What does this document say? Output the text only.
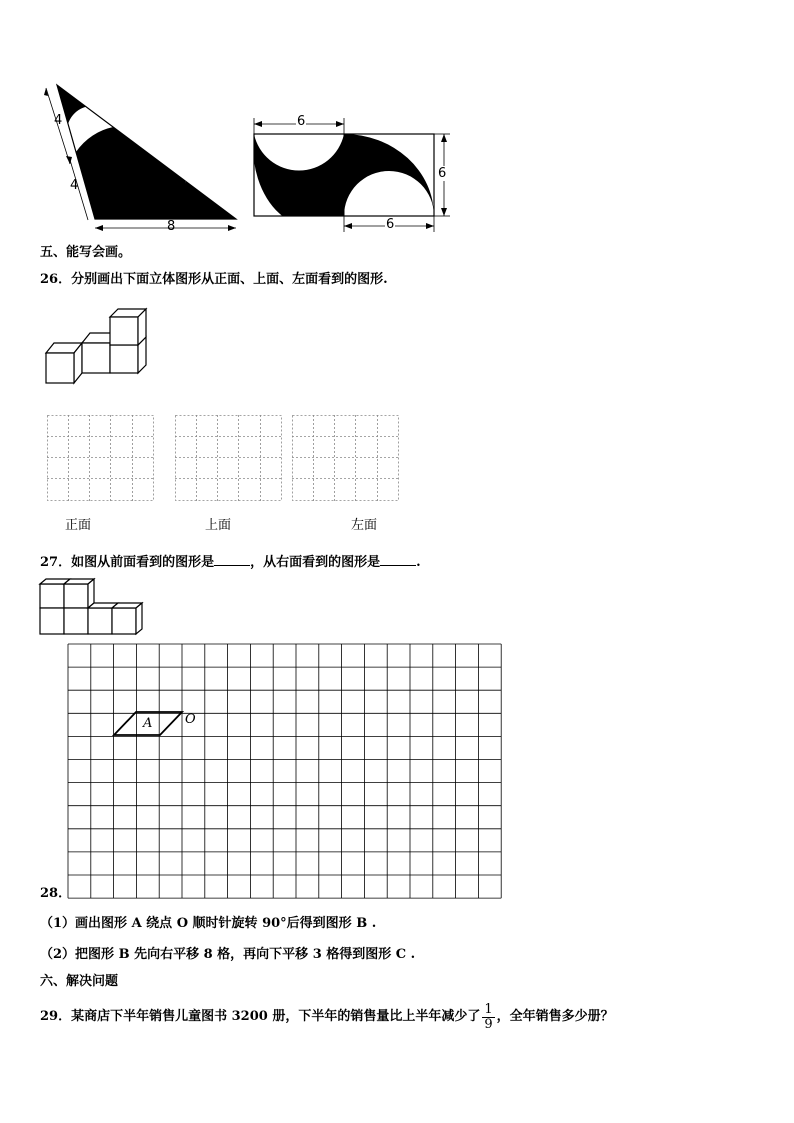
4
4
8
6
6
6
五、能写会画。
26．分别画出下面立体图形从正面、上面、左面看到的图形.
正面	上面	左面
27．如图从前面看到的图形是	，从右面看到的图形是	.
A	O
28．
（1）画出图形 A 绕点 O 顺时针旋转 90°后得到图形 B .
（2）把图形 B 先向右平移 8 格，再向下平移 3 格得到图形 C .
六、解决问题
29．某商店下半年销售儿童图书 3200 册，下半年的销售量比上半年减少了 $\frac{1}{9}$ ，全年销售多少册？
